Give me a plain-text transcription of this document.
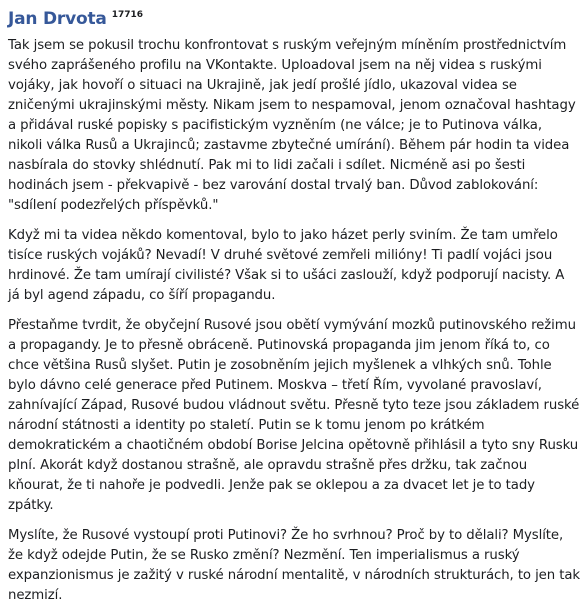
Jan Drvota 17716

Tak jsem se pokusil trochu konfrontovat s ruským veřejným míněním prostřednictvím svého zaprášeného profilu na VKontakte. Uploadoval jsem na něj videa s ruskými vojáky, jak hovoří o situaci na Ukrajině, jak jedí prošlé jídlo, ukazoval videa se zničenými ukrajinskými městy. Nikam jsem to nespamoval, jenom označoval hashtagy a přidával ruské popisky s pacifistickým vyzněním (ne válce; je to Putinova válka, nikoli válka Rusů a Ukrajinců; zastavme zbytečné umírání). Během pár hodin ta videa nasbírala do stovky shlédnutí. Pak mi to lidi začali i sdílet. Nicméně asi po šesti hodinách jsem - překvapivě - bez varování dostal trvalý ban. Důvod zablokování: "sdílení podezřelých příspěvků."

Když mi ta videa někdo komentoval, bylo to jako házet perly sviním. Že tam umřelo tisíce ruských vojáků? Nevadí! V druhé světové zemřeli milióny! Ti padlí vojáci jsou hrdinové. Že tam umírají civilisté? Však si to ušáci zaslouží, když podporují nacisty. A já byl agend západu, co šíří propagandu.

Přestaňme tvrdit, že obyčejní Rusové jsou obětí vymývání mozků putinovského režimu a propagandy. Je to přesně obráceně. Putinovská propaganda jim jenom říká to, co chce většina Rusů slyšet. Putin je zosobněním jejich myšlenek a vlhkých snů. Tohle bylo dávno celé generace před Putinem. Moskva – třetí Řím, vyvolané pravoslaví, zahnívající Západ, Rusové budou vládnout světu. Přesně tyto teze jsou základem ruské národní státnosti a identity po staletí. Putin se k tomu jenom po krátkém demokratickém a chaotičném období Borise Jelcina opětovně přihlásil a tyto sny Rusku plní. Akorát když dostanou strašně, ale opravdu strašně přes držku, tak začnou kňourat, že ti nahoře je podvedli. Jenže pak se oklepou a za dvacet let je to tady zpátky.

Myslíte, že Rusové vystoupí proti Putinovi? Že ho svrhnou? Proč by to dělali? Myslíte, že když odejde Putin, že se Rusko změní? Nezmění. Ten imperialismus a ruský expanzionismus je zažitý v ruské národní mentalitě, v národních strukturách, to jen tak nezmizí.
